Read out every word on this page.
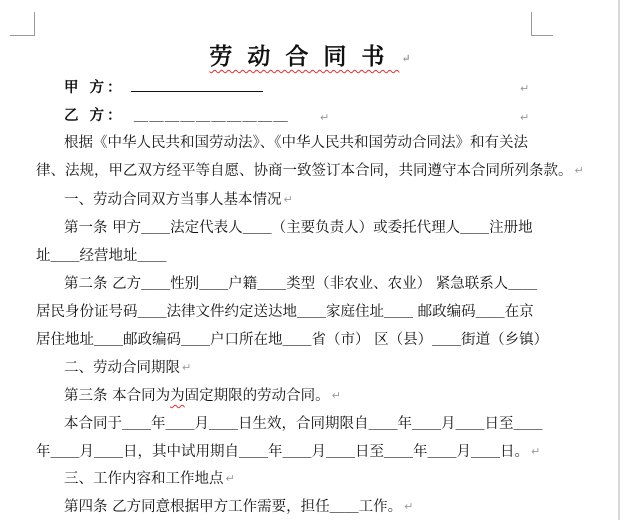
劳动合同书 ↵
甲 方：	↵
乙 方： ＿＿＿＿＿＿＿＿＿＿	↵	↵
根据《中华人民共和国劳动法》、《中华人民共和国劳动合同法》和有关法
律、法规，甲乙双方经平等自愿、协商一致签订本合同，共同遵守本合同所列条款。 ↵
一、劳动合同双方当事人基本情况 ↵
第一条 甲方＿＿法定代表人＿＿（主要负责人）或委托代理人＿＿注册地
址＿＿经营地址＿＿
第二条 乙方＿＿性别＿＿户籍＿＿类型（非农业、农业） 紧急联系人＿＿
居民身份证号码＿＿法律文件约定送达地＿＿家庭住址＿＿ 邮政编码＿＿在京
居住地址＿＿邮政编码＿＿户口所在地＿＿省（市） 区（县）＿＿街道（乡镇）
二、劳动合同期限 ↵
第三条 本合同为为固定期限的劳动合同。 ↵
本合同于＿＿年＿＿月＿＿日生效，合同期限自＿＿年＿＿月＿＿日至＿＿
年＿＿月＿＿日，其中试用期自＿＿年＿＿月＿＿日至＿＿年＿＿月＿＿日。 ↵
三、工作内容和工作地点 ↵
第四条 乙方同意根据甲方工作需要，担任＿＿工作。 ↵
